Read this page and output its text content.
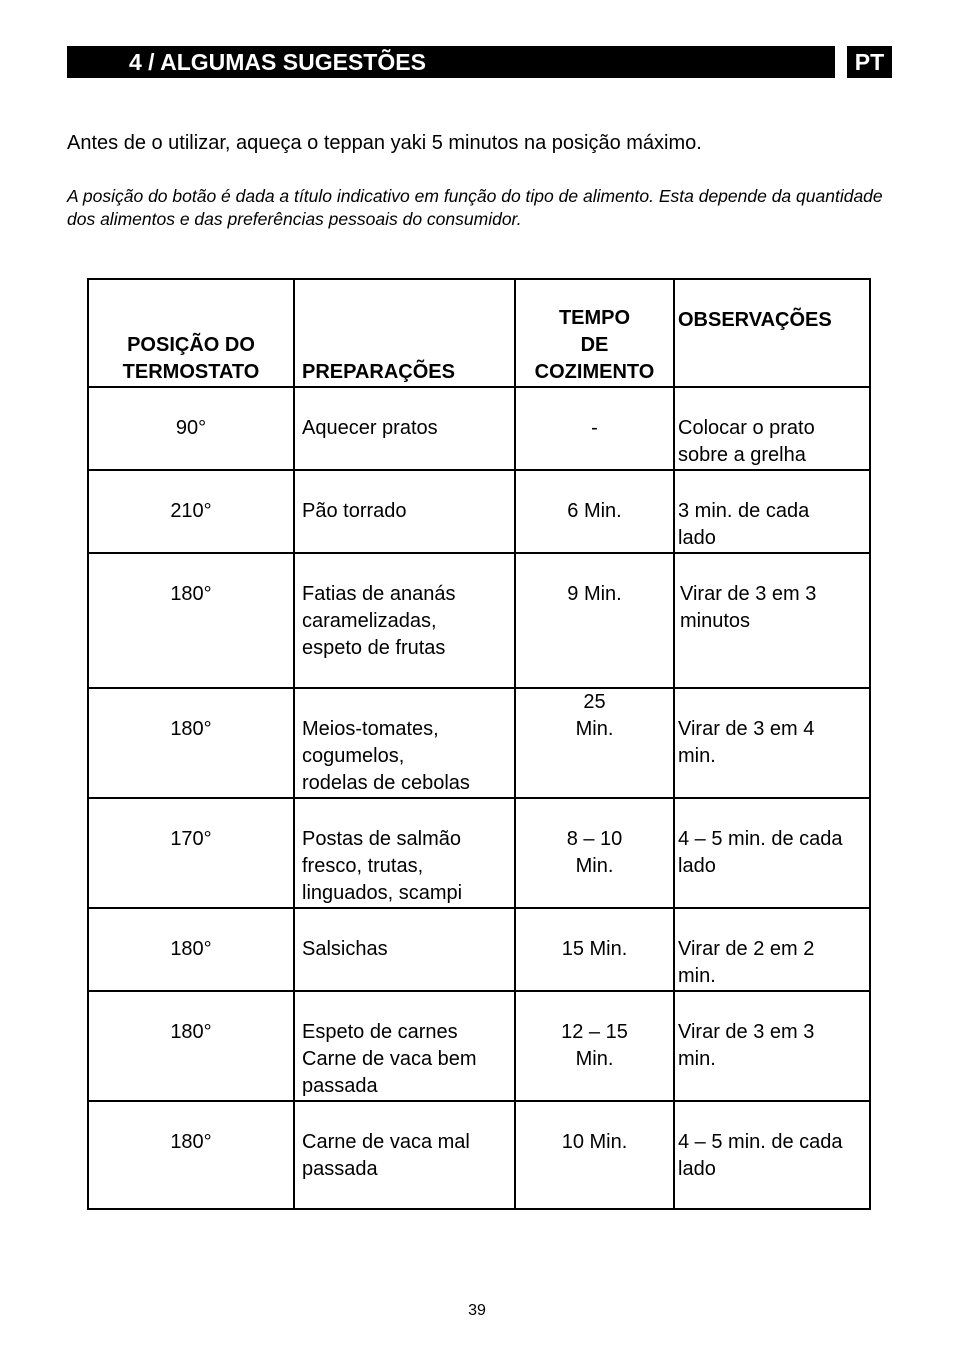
4 / ALGUMAS SUGESTÕES	PT

Antes de o utilizar, aqueça o teppan yaki 5 minutos na posição máximo.

A posição do botão é dada a título indicativo em função do tipo de alimento. Esta depende da quantidade dos alimentos e das preferências pessoais do consumidor.

POSIÇÃO DO
TERMOSTATO	PREPARAÇÕES	TEMPO
DE
COZIMENTO	OBSERVAÇÕES

90°	Aquecer pratos	-	Colocar o prato
sobre a grelha

210°	Pão torrado	6 Min.	3 min. de cada
lado

180°	Fatias de ananás
caramelizadas,
espeto de frutas	9 Min.	Virar de 3 em 3
minutos

180°	Meios-tomates,
cogumelos,
rodelas de cebolas	25
Min.	Virar de 3 em 4
min.

170°	Postas de salmão
fresco, trutas,
linguados, scampi	8 – 10
Min.	4 – 5 min. de cada
lado

180°	Salsichas	15 Min.	Virar de 2 em 2
min.

180°	Espeto de carnes
Carne de vaca bem
passada	12 – 15
Min.	Virar de 3 em 3
min.

180°	Carne de vaca mal
passada	10 Min.	4 – 5 min. de cada
lado
39
